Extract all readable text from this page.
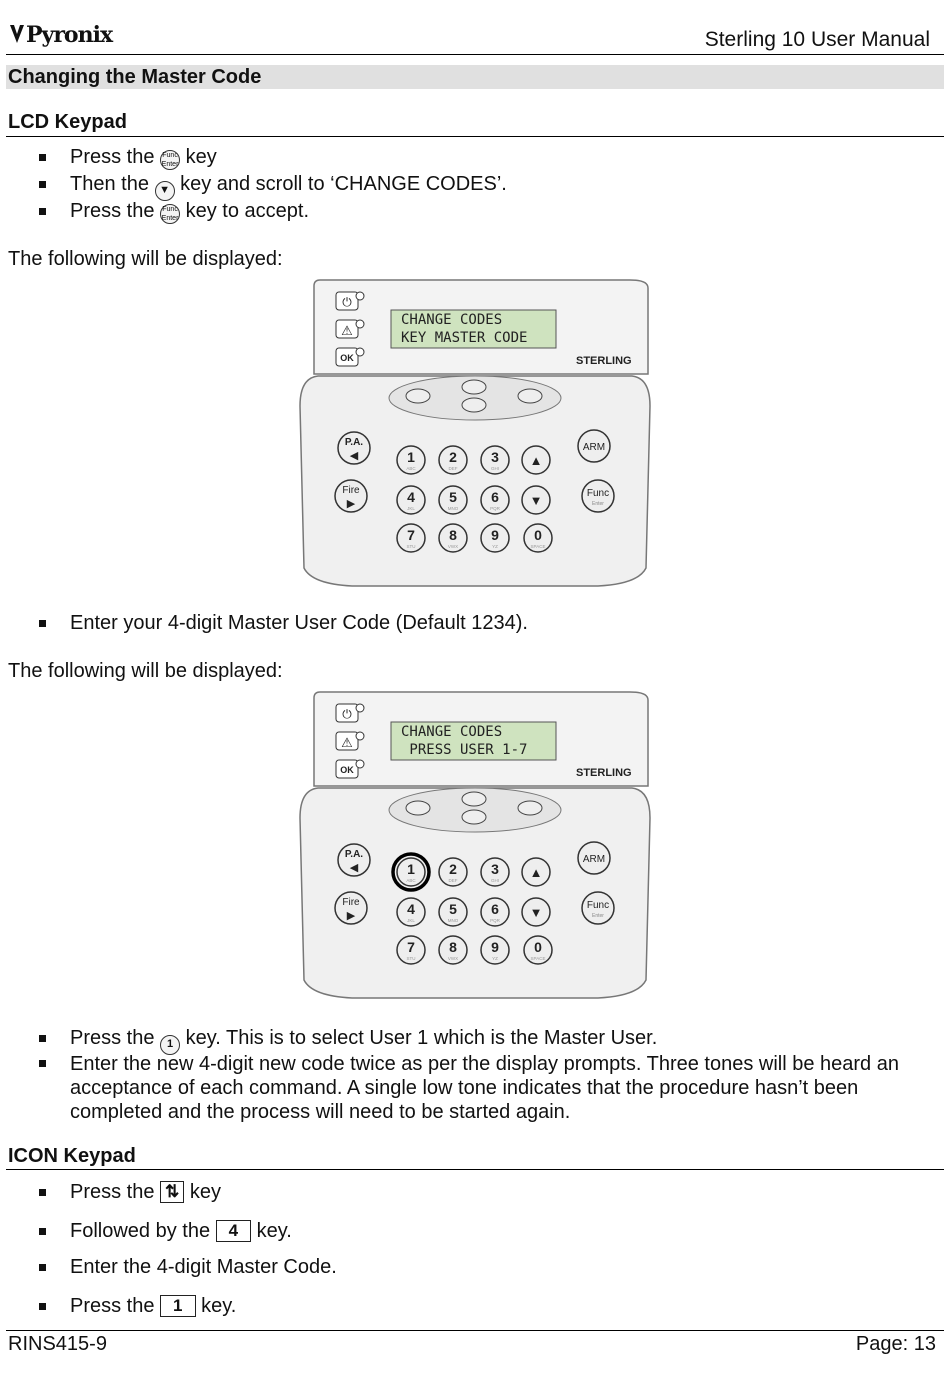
Pyronix	Sterling 10 User Manual
Changing the Master Code
LCD Keypad
Press the Func
Enter key
Then the ▼ key and scroll to ‘CHANGE CODES’.
Press the Func
Enter key to accept.
The following will be displayed:
⏻
⚠
OK
CHANGE CODES
KEY MASTER CODE
STERLING
P.A.
◀
Fire
▶
ARM
Func
Enter
1
ABC
2
DEF
3
GHI
4
JKL
5
MNO
6
PQR
7
STU
8
VWX
9
YZ
0
SPACE
▲
▼
Enter your 4-digit Master User Code (Default 1234).
The following will be displayed:
⏻
⚠
OK
CHANGE CODES
PRESS USER 1-7
STERLING
P.A.
◀
Fire
▶
ARM
Func
Enter
1
ABC
2
DEF
3
GHI
4
JKL
5
MNO
6
PQR
7
STU
8
VWX
9
YZ
0
SPACE
▲
▼
Press the 1 key. This is to select User 1 which is the Master User.
Enter the new 4-digit new code twice as per the display prompts. Three tones will be heard an
acceptance of each command. A single low tone indicates that the procedure hasn’t been
completed and the process will need to be started again.
ICON Keypad
Press the ⇅ key
Followed by the 4 key.
Enter the 4-digit Master Code.
Press the 1 key.
RINS415-9	Page: 13
